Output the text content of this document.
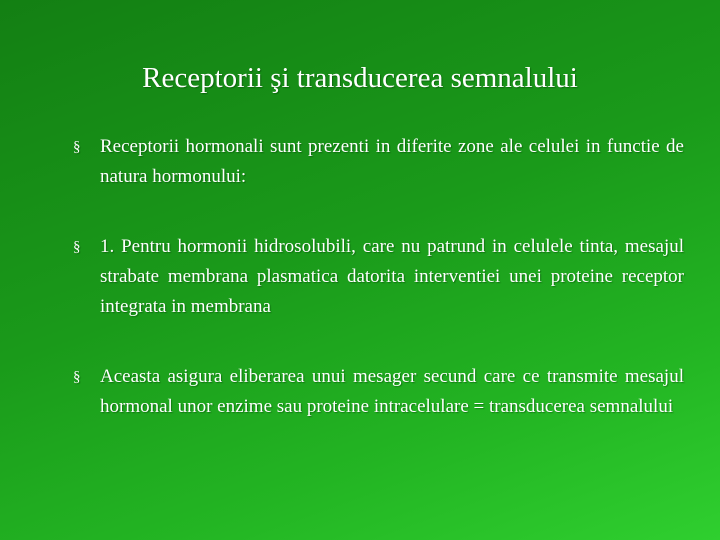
Receptorii şi transducerea semnalului
§ Receptorii hormonali sunt prezenti in diferite zone ale celulei in functie de natura hormonului:
§ 1. Pentru hormonii hidrosolubili, care nu patrund in celulele tinta, mesajul strabate membrana plasmatica datorita interventiei unei proteine receptor integrata in membrana
§ Aceasta asigura eliberarea unui mesager secund care ce transmite mesajul hormonal unor enzime sau proteine intracelulare = transducerea semnalului
